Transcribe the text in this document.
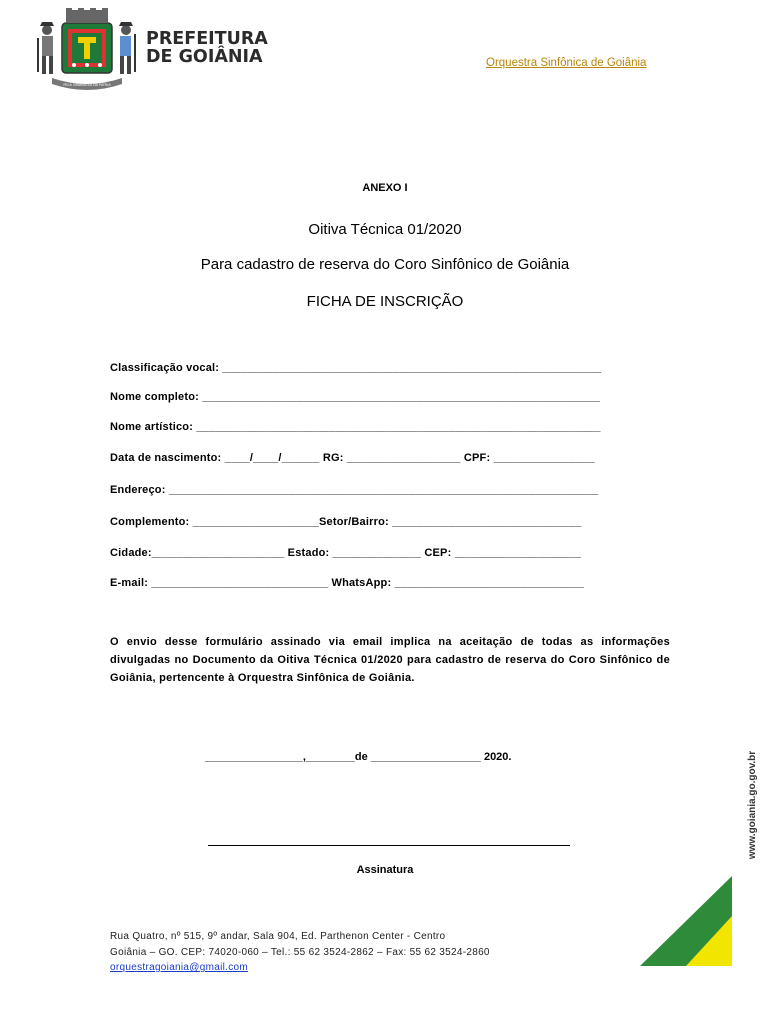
PELA GRANDEZA DA PÁTRIA
PREFEITURA
DE GOIÂNIA	Orquestra Sinfônica de Goiânia
ANEXO I
Oitiva Técnica 01/2020
Para cadastro de reserva do Coro Sinfônico de Goiânia
FICHA DE INSCRIÇÃO
Classificação vocal: ____________________________________________________________
Nome completo: _______________________________________________________________
Nome artístico: ________________________________________________________________
Data de nascimento: ____/____/______ RG: __________________ CPF: ________________
Endereço: ____________________________________________________________________
Complemento: ____________________Setor/Bairro: ______________________________
Cidade:_____________________ Estado: ______________ CEP: ____________________
E-mail: ____________________________ WhatsApp: ______________________________
O envio desse formulário assinado via email implica na aceitação de todas as informações divulgadas no Documento da Oitiva Técnica 01/2020 para cadastro de reserva do Coro Sinfônico de Goiânia, pertencente à Orquestra Sinfônica de Goiânia.
________________,________de __________________ 2020.
Assinatura
Rua Quatro, nº 515, 9º andar, Sala 904, Ed. Parthenon Center - Centro
Goiânia – GO. CEP: 74020-060 – Tel.: 55 62 3524-2862 – Fax: 55 62 3524-2860
orquestragoiania@gmail.com
www.goiania.go.gov.br
